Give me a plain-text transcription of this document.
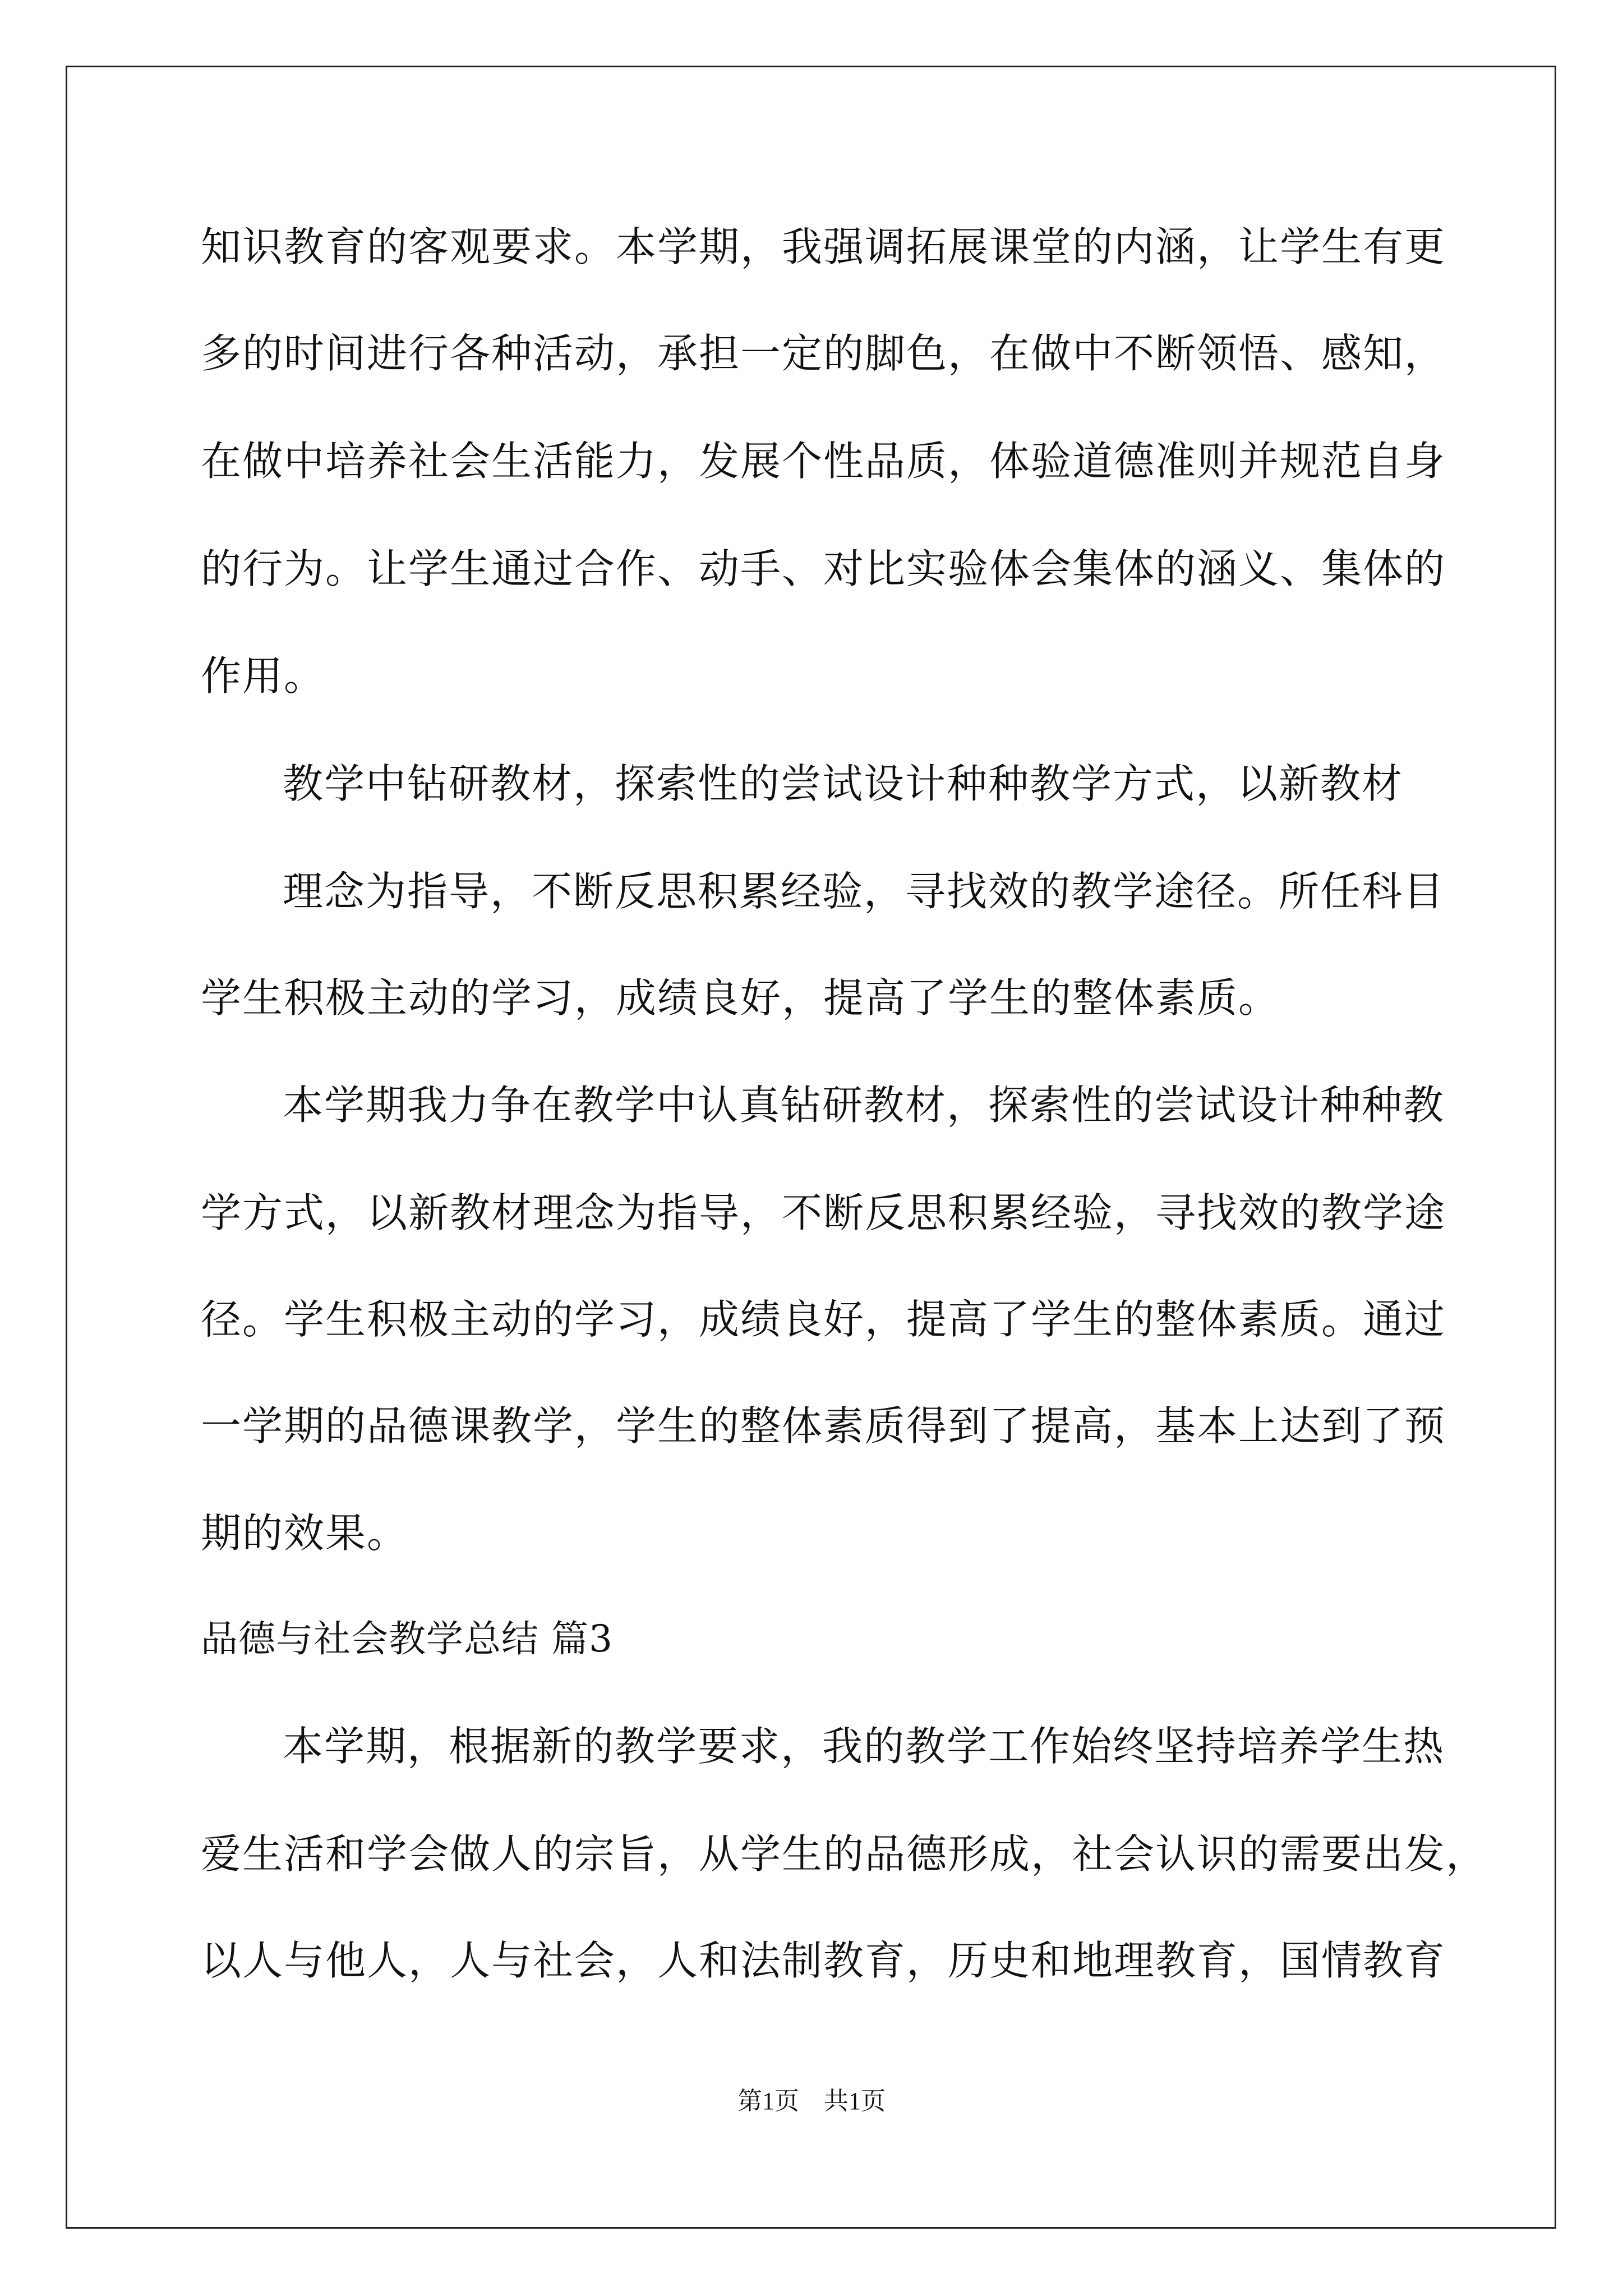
知识教育的客观要求。本学期，我强调拓展课堂的内涵，让学生有更
多的时间进行各种活动，承担一定的脚色，在做中不断领悟、感知，
在做中培养社会生活能力，发展个性品质，体验道德准则并规范自身
的行为。让学生通过合作、动手、对比实验体会集体的涵义、集体的
作用。
教学中钻研教材，探索性的尝试设计种种教学方式，以新教材
理念为指导，不断反思积累经验，寻找效的教学途径。所任科目
学生积极主动的学习，成绩良好，提高了学生的整体素质。
本学期我力争在教学中认真钻研教材，探索性的尝试设计种种教
学方式，以新教材理念为指导，不断反思积累经验，寻找效的教学途
径。学生积极主动的学习，成绩良好，提高了学生的整体素质。通过
一学期的品德课教学，学生的整体素质得到了提高，基本上达到了预
期的效果。
品德与社会教学总结 篇3
本学期，根据新的教学要求，我的教学工作始终坚持培养学生热
爱生活和学会做人的宗旨，从学生的品德形成，社会认识的需要出发，
以人与他人，人与社会，人和法制教育，历史和地理教育，国情教育
第1页　共1页
